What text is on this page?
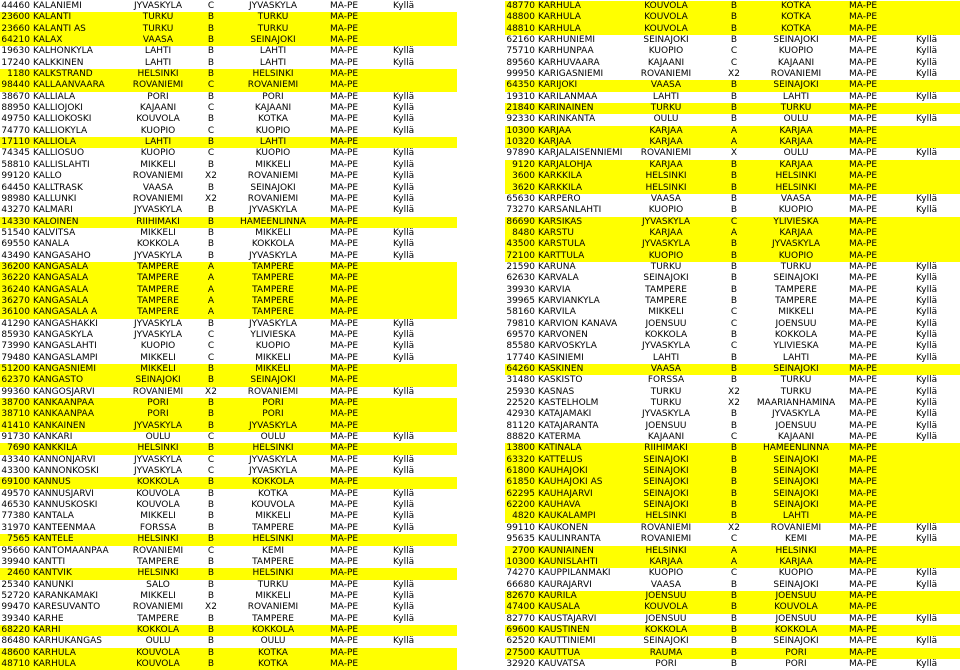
44460 KALANIEMI	JYVÄSKYLÄ	C	JYVÄSKYLÄ	MA-PE	Kyllä
23600 KALANTI	TURKU	B	TURKU	MA-PE
23660 KALANTI AS	TURKU	B	TURKU	MA-PE
64210 KALAX	VAASA	B	SEINÄJOKI	MA-PE
19630 KALHONKYLÄ	LAHTI	B	LAHTI	MA-PE	Kyllä
17240 KALKKINEN	LAHTI	B	LAHTI	MA-PE	Kyllä
1180 KALKSTRAND	HELSINKI	B	HELSINKI	MA-PE
98440 KALLAANVAARA	ROVANIEMI	C	ROVANIEMI	MA-PE
38670 KALLIALA	PORI	B	PORI	MA-PE	Kyllä
88950 KALLIOJOKI	KAJAANI	C	KAJAANI	MA-PE	Kyllä
49750 KALLIOKOSKI	KOUVOLA	B	KOTKA	MA-PE	Kyllä
74770 KALLIOKYLÄ	KUOPIO	C	KUOPIO	MA-PE	Kyllä
17110 KALLIOLA	LAHTI	B	LAHTI	MA-PE
74345 KALLIOSUO	KUOPIO	C	KUOPIO	MA-PE	Kyllä
58810 KALLISLAHTI	MIKKELI	B	MIKKELI	MA-PE	Kyllä
99120 KALLO	ROVANIEMI	X2	ROVANIEMI	MA-PE	Kyllä
64450 KALLTRÄSK	VAASA	B	SEINÄJOKI	MA-PE	Kyllä
98980 KALLUNKI	ROVANIEMI	X2	ROVANIEMI	MA-PE	Kyllä
43270 KALMARI	JYVÄSKYLÄ	B	JYVÄSKYLÄ	MA-PE	Kyllä
14330 KALOINEN	RIIHIMÄKI	B	HÄMEENLINNA	MA-PE
51540 KALVITSA	MIKKELI	B	MIKKELI	MA-PE	Kyllä
69550 KANALA	KOKKOLA	B	KOKKOLA	MA-PE	Kyllä
43490 KANGASAHO	JYVÄSKYLÄ	B	JYVÄSKYLÄ	MA-PE	Kyllä
36200 KANGASALA	TAMPERE	A	TAMPERE	MA-PE
36220 KANGASALA	TAMPERE	A	TAMPERE	MA-PE
36240 KANGASALA	TAMPERE	A	TAMPERE	MA-PE
36270 KANGASALA	TAMPERE	A	TAMPERE	MA-PE
36100 KANGASALA A	TAMPERE	A	TAMPERE	MA-PE
41290 KANGASHÄKKI	JYVÄSKYLÄ	B	JYVÄSKYLÄ	MA-PE	Kyllä
85930 KANGASKYLÄ	JYVÄSKYLÄ	C	YLIVIESKA	MA-PE	Kyllä
73990 KANGASLAHTI	KUOPIO	C	KUOPIO	MA-PE	Kyllä
79480 KANGASLAMPI	MIKKELI	C	MIKKELI	MA-PE	Kyllä
51200 KANGASNIEMI	MIKKELI	B	MIKKELI	MA-PE
62370 KANGASTO	SEINÄJOKI	B	SEINÄJOKI	MA-PE
99360 KANGOSJÄRVI	ROVANIEMI	X2	ROVANIEMI	MA-PE	Kyllä
38700 KANKAANPÄÄ	PORI	B	PORI	MA-PE
38710 KANKAANPÄÄ	PORI	B	PORI	MA-PE
41410 KANKAINEN	JYVÄSKYLÄ	B	JYVÄSKYLÄ	MA-PE
91730 KANKARI	OULU	C	OULU	MA-PE	Kyllä
7690 KANKKILA	HELSINKI	B	HELSINKI	MA-PE
43340 KANNONJÄRVI	JYVÄSKYLÄ	C	JYVÄSKYLÄ	MA-PE	Kyllä
43300 KANNONKOSKI	JYVÄSKYLÄ	C	JYVÄSKYLÄ	MA-PE	Kyllä
69100 KANNUS	KOKKOLA	B	KOKKOLA	MA-PE
49570 KANNUSJÄRVI	KOUVOLA	B	KOTKA	MA-PE	Kyllä
46530 KANNUSKOSKI	KOUVOLA	B	KOUVOLA	MA-PE	Kyllä
77380 KANTALA	MIKKELI	B	MIKKELI	MA-PE	Kyllä
31970 KANTEENMAA	FORSSA	B	TAMPERE	MA-PE	Kyllä
7565 KANTELE	HELSINKI	B	HELSINKI	MA-PE
95660 KANTOMAANPÄÄ	ROVANIEMI	C	KEMI	MA-PE	Kyllä
39940 KANTTI	TAMPERE	B	TAMPERE	MA-PE	Kyllä
2460 KANTVIK	HELSINKI	B	HELSINKI	MA-PE
25340 KANUNKI	SALO	B	TURKU	MA-PE	Kyllä
52720 KARANKAMÄKI	MIKKELI	B	MIKKELI	MA-PE	Kyllä
99470 KARESUVANTO	ROVANIEMI	X2	ROVANIEMI	MA-PE	Kyllä
39340 KARHE	TAMPERE	B	TAMPERE	MA-PE	Kyllä
68220 KARHI	KOKKOLA	B	KOKKOLA	MA-PE
86480 KARHUKANGAS	OULU	B	OULU	MA-PE	Kyllä
48600 KARHULA	KOUVOLA	B	KOTKA	MA-PE
48710 KARHULA	KOUVOLA	B	KOTKA	MA-PE
48770 KARHULA	KOUVOLA	B	KOTKA	MA-PE
48800 KARHULA	KOUVOLA	B	KOTKA	MA-PE
48810 KARHULA	KOUVOLA	B	KOTKA	MA-PE
62160 KARHUNIEMI	SEINÄJOKI	B	SEINÄJOKI	MA-PE	Kyllä
75710 KARHUNPÄÄ	KUOPIO	C	KUOPIO	MA-PE	Kyllä
89560 KARHUVAARA	KAJAANI	C	KAJAANI	MA-PE	Kyllä
99950 KARIGASNIEMI	ROVANIEMI	X2	ROVANIEMI	MA-PE	Kyllä
64350 KARIJOKI	VAASA	B	SEINÄJOKI	MA-PE
19310 KARILANMAA	LAHTI	B	LAHTI	MA-PE	Kyllä
21840 KARINAINEN	TURKU	B	TURKU	MA-PE
92330 KARINKANTA	OULU	B	OULU	MA-PE	Kyllä
10300 KARJAA	KARJAA	A	KARJAA	MA-PE
10320 KARJAA	KARJAA	A	KARJAA	MA-PE
97890 KARJALAISENNIEMI	ROVANIEMI	X	OULU	MA-PE	Kyllä
9120 KARJALOHJA	KARJAA	B	KARJAA	MA-PE
3600 KARKKILA	HELSINKI	B	HELSINKI	MA-PE
3620 KARKKILA	HELSINKI	B	HELSINKI	MA-PE
65630 KARPERÖ	VAASA	B	VAASA	MA-PE	Kyllä
73270 KARSANLAHTI	KUOPIO	B	KUOPIO	MA-PE	Kyllä
86690 KARSIKAS	JYVÄSKYLÄ	C	YLIVIESKA	MA-PE
8480 KARSTU	KARJAA	A	KARJAA	MA-PE
43500 KARSTULA	JYVÄSKYLÄ	B	JYVÄSKYLÄ	MA-PE
72100 KARTTULA	KUOPIO	B	KUOPIO	MA-PE
21590 KARUNA	TURKU	B	TURKU	MA-PE	Kyllä
62630 KARVALA	SEINÄJOKI	B	SEINÄJOKI	MA-PE	Kyllä
39930 KARVIA	TAMPERE	B	TAMPERE	MA-PE	Kyllä
39965 KARVIANKYLÄ	TAMPERE	B	TAMPERE	MA-PE	Kyllä
58160 KARVILA	MIKKELI	C	MIKKELI	MA-PE	Kyllä
79810 KARVION KANAVA	JOENSUU	C	JOENSUU	MA-PE	Kyllä
69570 KARVONEN	KOKKOLA	B	KOKKOLA	MA-PE	Kyllä
85580 KARVOSKYLÄ	JYVÄSKYLÄ	C	YLIVIESKA	MA-PE	Kyllä
17740 KASINIEMI	LAHTI	B	LAHTI	MA-PE	Kyllä
64260 KASKINEN	VAASA	B	SEINÄJOKI	MA-PE
31480 KASKISTO	FORSSA	B	TURKU	MA-PE	Kyllä
25930 KASNÄS	TURKU	X2	TURKU	MA-PE	Kyllä
22520 KASTELHOLM	TURKU	X2	MAARIANHAMINA	MA-PE	Kyllä
42930 KATAJAMÄKI	JYVÄSKYLÄ	B	JYVÄSKYLÄ	MA-PE	Kyllä
81120 KATAJARANTA	JOENSUU	B	JOENSUU	MA-PE	Kyllä
88820 KATERMA	KAJAANI	C	KAJAANI	MA-PE	Kyllä
13800 KATINALA	RIIHIMÄKI	B	HÄMEENLINNA	MA-PE
63320 KATTELUS	SEINÄJOKI	B	SEINÄJOKI	MA-PE
61800 KAUHAJOKI	SEINÄJOKI	B	SEINÄJOKI	MA-PE
61850 KAUHAJOKI AS	SEINÄJOKI	B	SEINÄJOKI	MA-PE
62295 KAUHAJÄRVI	SEINÄJOKI	B	SEINÄJOKI	MA-PE
62200 KAUHAVA	SEINÄJOKI	B	SEINÄJOKI	MA-PE
4820 KAUKALAMPI	HELSINKI	B	LAHTI	MA-PE
99110 KAUKONEN	ROVANIEMI	X2	ROVANIEMI	MA-PE	Kyllä
95635 KAULINRANTA	ROVANIEMI	C	KEMI	MA-PE	Kyllä
2700 KAUNIAINEN	HELSINKI	A	HELSINKI	MA-PE
10300 KAUNISLAHTI	KARJAA	A	KARJAA	MA-PE
74270 KAUPPILANMÄKI	KUOPIO	C	KUOPIO	MA-PE	Kyllä
66680 KAURAJÄRVI	VAASA	B	SEINÄJOKI	MA-PE	Kyllä
82670 KAURILA	JOENSUU	B	JOENSUU	MA-PE
47400 KAUSALA	KOUVOLA	B	KOUVOLA	MA-PE
82770 KAUSTAJÄRVI	JOENSUU	B	JOENSUU	MA-PE	Kyllä
69600 KAUSTINEN	KOKKOLA	B	KOKKOLA	MA-PE
62520 KAUTTINIEMI	SEINÄJOKI	B	SEINÄJOKI	MA-PE	Kyllä
27500 KAUTTUA	RAUMA	B	PORI	MA-PE
32920 KAUVATSA	PORI	B	PORI	MA-PE	Kyllä
